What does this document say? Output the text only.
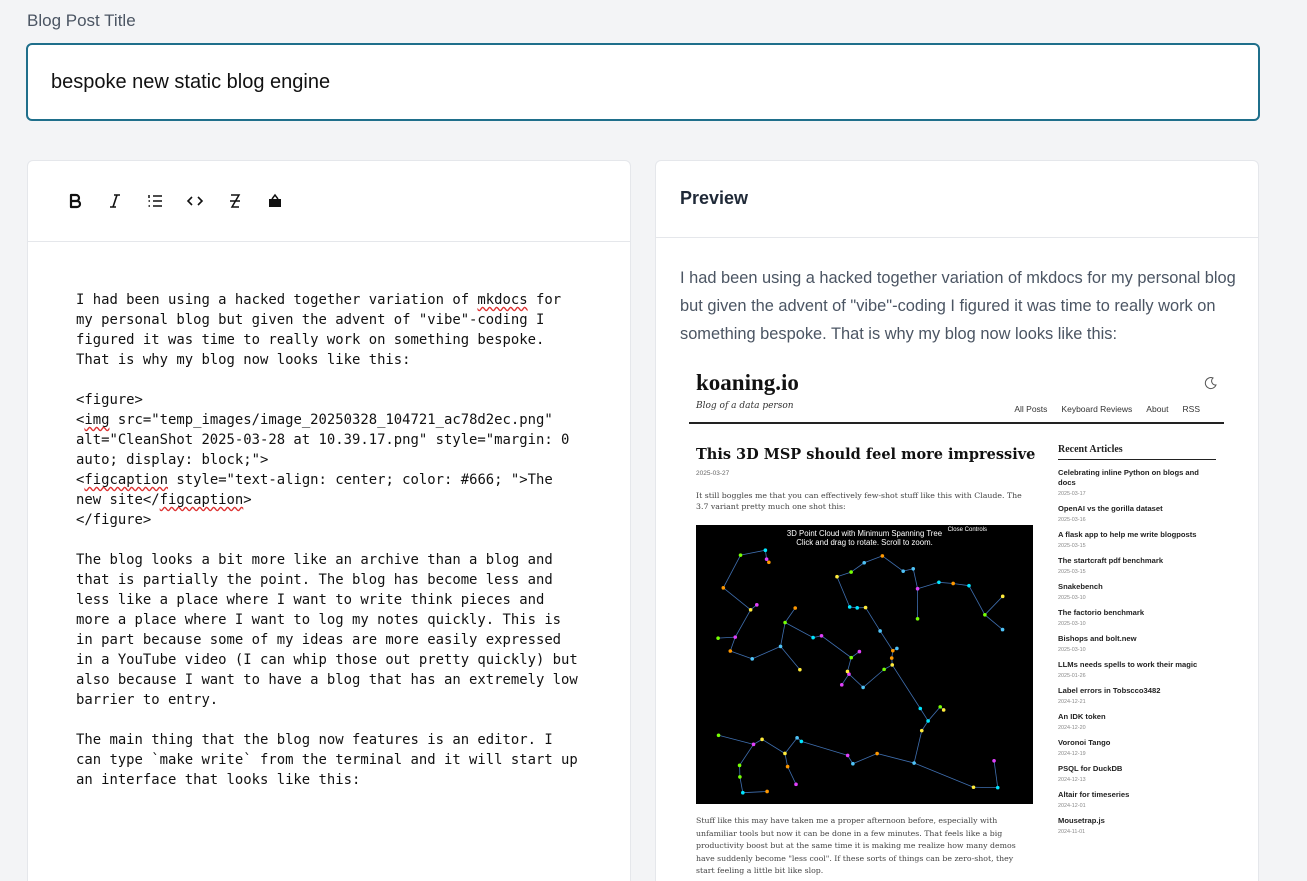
Blog Post Title
bespoke new static blog engine
I had been using a hacked together variation of mkdocs for
my personal blog but given the advent of "vibe"-coding I
figured it was time to really work on something bespoke.
That is why my blog now looks like this:

<figure>
<img src="temp_images/image_20250328_104721_ac78d2ec.png"
alt="CleanShot 2025-03-28 at 10.39.17.png" style="margin: 0
auto; display: block;">
<figcaption style="text-align: center; color: #666; ">The
new site</figcaption>
</figure>

The blog looks a bit more like an archive than a blog and
that is partially the point. The blog has become less and
less like a place where I want to write think pieces and
more a place where I want to log my notes quickly. This is
in part because some of my ideas are more easily expressed
in a YouTube video (I can whip those out pretty quickly) but
also because I want to have a blog that has an extremely low
barrier to entry.

The main thing that the blog now features is an editor. I
can type `make write` from the terminal and it will start up
an interface that looks like this:
Preview

I had been using a hacked together variation of mkdocs for my personal blog but given the advent of "vibe"-coding I figured it was time to really work on something bespoke. That is why my blog now looks like this:

koaning.io
Blog of a data person	All Posts Keyboard Reviews About RSS
This 3D MSP should feel more impressive
2025-03-27
It still boggles me that you can effectively few-shot stuff like this with Claude. The 3.7 variant pretty much one shot this:
3D Point Cloud with Minimum Spanning Tree
Click and drag to rotate. Scroll to zoom.
Close Controls
Stuff like this may have taken me a proper afternoon before, especially with unfamiliar tools but now it can be done in a few minutes. That feels like a big productivity boost but at the same time it is making me realize how many demos have suddenly become "less cool". If these sorts of things can be zero-shot, they start feeling a little bit like slop.
Recent Articles
Celebrating inline Python on blogs and docs
2025-03-17
OpenAI vs the gorilla dataset
2025-03-16
A flask app to help me write blogposts
2025-03-15
The startcraft pdf benchmark
2025-03-15
Snakebench
2025-03-10
The factorio benchmark
2025-03-10
Bishops and bolt.new
2025-03-10
LLMs needs spells to work their magic
2025-01-26
Label errors in Tobscco3482
2024-12-21
An IDK token
2024-12-20
Voronoi Tango
2024-12-19
PSQL for DuckDB
2024-12-13
Altair for timeseries
2024-12-01
Mousetrap.js
2024-11-01
